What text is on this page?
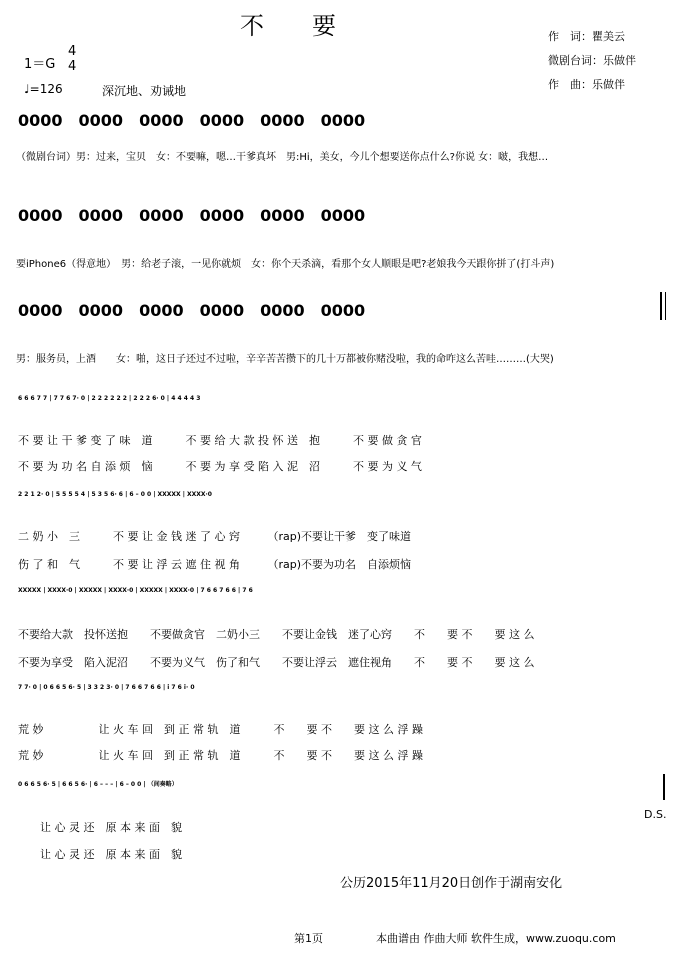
不　　要	作　词：瞿美云
微剧台词：乐做伴
作　曲：乐做伴
1＝G
4
4
♩=126	深沉地、劝诫地
0000　0000　0000　0000　0000　0000
（微剧台词）男：过来，宝贝　女：不要嘛，嗯…干爹真坏　男:Hi，美女，今儿个想要送你点什么?你说 女：啵，我想…
0000　0000　0000　0000　0000　0000
要iPhone6（得意地）　男：给老子滚，一见你就烦　女：你个天杀滴，看那个女人顺眼是吧?老娘我今天跟你拼了(打斗声)
0000　0000　0000　0000　0000　0000
男：服务员，上酒　　女：啪，这日子还过不过啦，辛辛苦苦攒下的几十万都被你赌没啦，我的命咋这么苦哇………(大哭)
6 6 6 7 7 | 7 7 6 7· 0 | 2 2 2 2 2 2 | 2 2 2 6· 0 | 4 4 4 4 3
不 要 让 干 爹 变 了 味　道　　　不 要 给 大 款 投 怀 送　抱　　　不 要 做 贪 官
不 要 为 功 名 自 添 烦　恼　　　不 要 为 享 受 陷 入 泥　沼　　　不 要 为 义 气
2 2 1 2· 0 | 5 5 5 5 4 | 5 3 5 6· 6 | 6 – 0 0 | XXXXX | XXXX·0
二 奶 小　三　　　不 要 让 金 钱 迷 了 心 窍　　　（rap)不要让干爹　变了味道
伤 了 和　气　　　不 要 让 浮 云 遮 住 视 角　　　（rap)不要为功名　自添烦恼
XXXXX | XXXX·0 | XXXXX | XXXX·0 | XXXXX | XXXX·0 | 7 6 6 7 6 6 | 7 6
不要给大款　投怀送抱　　不要做贪官　二奶小三　　不要让金钱　迷了心窍　　不　　要 不　　要 这 么
不要为享受　陷入泥沼　　不要为义气　伤了和气　　不要让浮云　遮住视角　　不　　要 不　　要 这 么
7 7· 0 | 0 6 6 5 6· 5 | 3 3 2 3· 0 | 7 6 6 7 6 6 | i 7 6 i· 0
荒 妙　　　　　让 火 车 回　到 正 常 轨　道　　　不　　要 不　　要 这 么 浮 躁
荒 妙　　　　　让 火 车 回　到 正 常 轨　道　　　不　　要 不　　要 这 么 浮 躁
0 6 6 5 6· 5 | 6 6 5 6· | 6 – – – | 6 – 0 0 | （间奏略）
D.S.
让 心 灵 还　原 本 来 面　貌
让 心 灵 还　原 本 来 面　貌
公历2015年11月20日创作于湖南安化
第1页	本曲谱由 作曲大师 软件生成，www.zuoqu.com
